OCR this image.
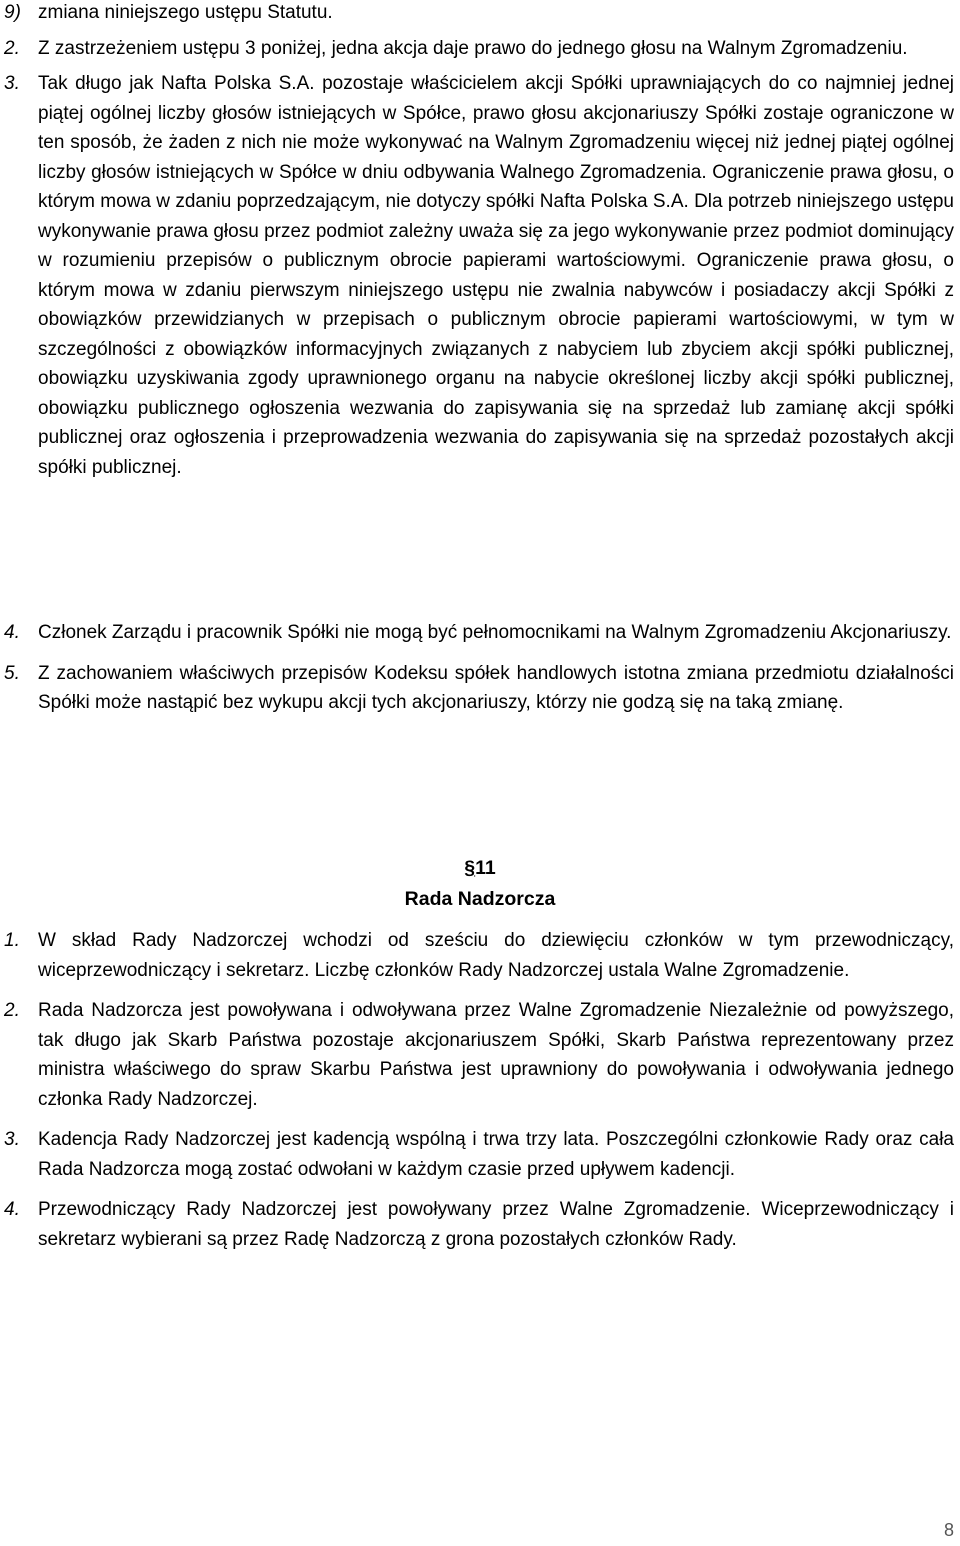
9) zmiana niniejszego ustępu Statutu.
2. Z zastrzeżeniem ustępu 3 poniżej, jedna akcja daje prawo do jednego głosu na Walnym Zgromadzeniu.
3. Tak długo jak Nafta Polska S.A. pozostaje właścicielem akcji Spółki uprawniających do co najmniej jednej piątej ogólnej liczby głosów istniejących w Spółce, prawo głosu akcjonariuszy Spółki zostaje ograniczone w ten sposób, że żaden z nich nie może wykonywać na Walnym Zgromadzeniu więcej niż jednej piątej ogólnej liczby głosów istniejących w Spółce w dniu odbywania Walnego Zgromadzenia. Ograniczenie prawa głosu, o którym mowa w zdaniu poprzedzającym, nie dotyczy spółki Nafta Polska S.A. Dla potrzeb niniejszego ustępu wykonywanie prawa głosu przez podmiot zależny uważa się za jego wykonywanie przez podmiot dominujący w rozumieniu przepisów o publicznym obrocie papierami wartościowymi. Ograniczenie prawa głosu, o którym mowa w zdaniu pierwszym niniejszego ustępu nie zwalnia nabywców i posiadaczy akcji Spółki z obowiązków przewidzianych w przepisach o publicznym obrocie papierami wartościowymi, w tym w szczególności z obowiązków informacyjnych związanych z nabyciem lub zbyciem akcji spółki publicznej, obowiązku uzyskiwania zgody uprawnionego organu na nabycie określonej liczby akcji spółki publicznej, obowiązku publicznego ogłoszenia wezwania do zapisywania się na sprzedaż lub zamianę akcji spółki publicznej oraz ogłoszenia i przeprowadzenia wezwania do zapisywania się na sprzedaż pozostałych akcji spółki publicznej.
4. Członek Zarządu i pracownik Spółki nie mogą być pełnomocnikami na Walnym Zgromadzeniu Akcjonariuszy.
5. Z zachowaniem właściwych przepisów Kodeksu spółek handlowych istotna zmiana przedmiotu działalności Spółki może nastąpić bez wykupu akcji tych akcjonariuszy, którzy nie godzą się na taką zmianę.
§11
Rada Nadzorcza
1. W skład Rady Nadzorczej wchodzi od sześciu do dziewięciu członków w tym przewodniczący, wiceprzewodniczący i sekretarz. Liczbę członków Rady Nadzorczej ustala Walne Zgromadzenie.
2. Rada Nadzorcza jest powoływana i odwoływana przez Walne Zgromadzenie Niezależnie od powyższego, tak długo jak Skarb Państwa pozostaje akcjonariuszem Spółki, Skarb Państwa reprezentowany przez ministra właściwego do spraw Skarbu Państwa jest uprawniony do powoływania i odwoływania jednego członka Rady Nadzorczej.
3. Kadencja Rady Nadzorczej jest kadencją wspólną i trwa trzy lata. Poszczególni członkowie Rady oraz cała Rada Nadzorcza mogą zostać odwołani w każdym czasie przed upływem kadencji.
4. Przewodniczący Rady Nadzorczej jest powoływany przez Walne Zgromadzenie. Wiceprzewodniczący i sekretarz wybierani są przez Radę Nadzorczą z grona pozostałych członków Rady.
8
